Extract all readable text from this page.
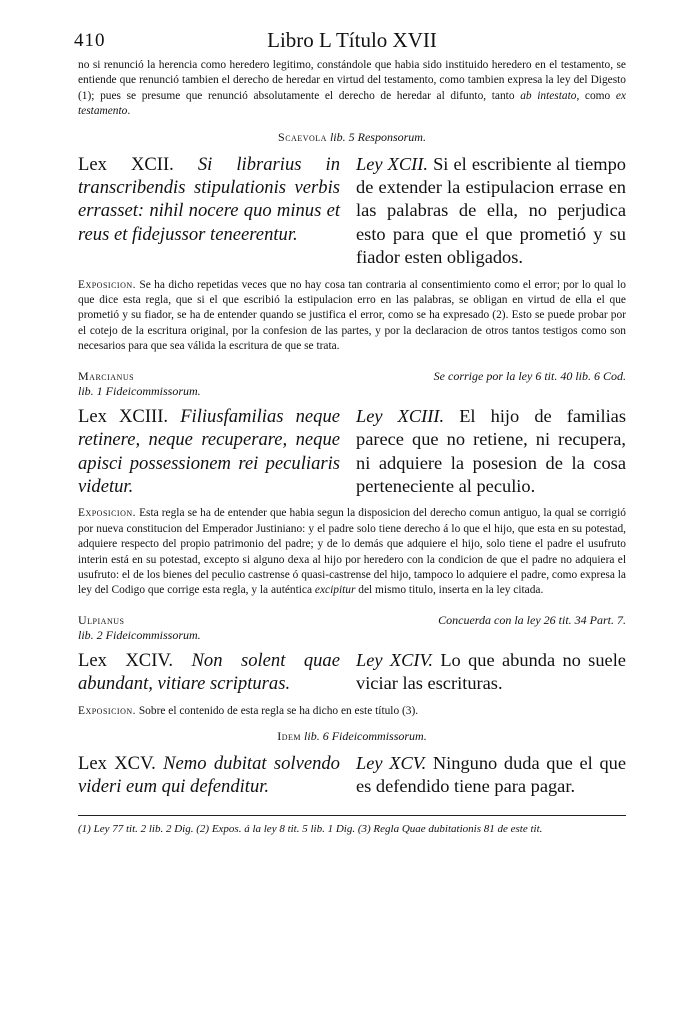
410	Libro L Título XVII

no si renunció la herencia como heredero legitimo, constándole que habia sido instituido heredero en el testamento, se entiende que renunció tambien el derecho de heredar en virtud del testamento, como tambien expresa la ley del Digesto (1); pues se presume que renunció absolutamente el derecho de heredar al difunto, tanto ab intestato, como ex testamento.

Scaevola lib. 5 Responsorum.
Lex XCII. Si librarius in transcribendis stipulationis verbis errasset: nihil nocere quo minus et reus et fidejussor teneerentur.
Ley XCII. Si el escribiente al tiempo de extender la estipulacion errase en las palabras de ella, no perjudica esto para que el que prometió y su fiador esten obligados.

Exposicion. Se ha dicho repetidas veces que no hay cosa tan contraria al consentimiento como el error; por lo qual lo que dice esta regla, que si el que escribió la estipulacion erro en las palabras, se obligan en virtud de ella el que prometió y su fiador, se ha de entender quando se justifica el error, como se ha expresado (2). Esto se puede probar por el cotejo de la escritura original, por la confesion de las partes, y por la declaracion de otros tantos testigos como son necesarios para que sea válida la escritura de que se trata.

Marcianus
lib. 1 Fideicommissorum.
Se corrige por la ley 6 tit. 40 lib. 6 Cod.
Lex XCIII. Filiusfamilias neque retinere, neque recuperare, neque apisci possessionem rei peculiaris videtur.
Ley XCIII. El hijo de familias parece que no retiene, ni recupera, ni adquiere la posesion de la cosa perteneciente al peculio.

Exposicion. Esta regla se ha de entender que habia segun la disposicion del derecho comun antiguo, la qual se corrigió por nueva constitucion del Emperador Justiniano: y el padre solo tiene derecho á lo que el hijo, que esta en su potestad, adquiere respecto del propio patrimonio del padre; y de lo demás que adquiere el hijo, solo tiene el padre el usufruto interin está en su potestad, excepto si alguno dexa al hijo por heredero con la condicion de que el padre no adquiera el usufruto: el de los bienes del peculio castrense ó quasi-castrense del hijo, tampoco lo adquiere el padre, como expresa la ley del Codigo que corrige esta regla, y la auténtica excipitur del mismo titulo, inserta en la ley citada.

Ulpianus
lib. 2 Fideicommissorum.
Concuerda con la ley 26 tit. 34 Part. 7.
Lex XCIV. Non solent quae abundant, vitiare scripturas.
Ley XCIV. Lo que abunda no suele viciar las escrituras.

Exposicion. Sobre el contenido de esta regla se ha dicho en este título (3).

Idem lib. 6 Fideicommissorum.
Lex XCV. Nemo dubitat solvendo videri eum qui defenditur.
Ley XCV. Ninguno duda que el que es defendido tiene para pagar.
(1) Ley 77 tit. 2 lib. 2 Dig. (2) Expos. á la ley 8 tit. 5 lib. 1 Dig. (3) Regla Quae dubitationis 81 de este tit.
